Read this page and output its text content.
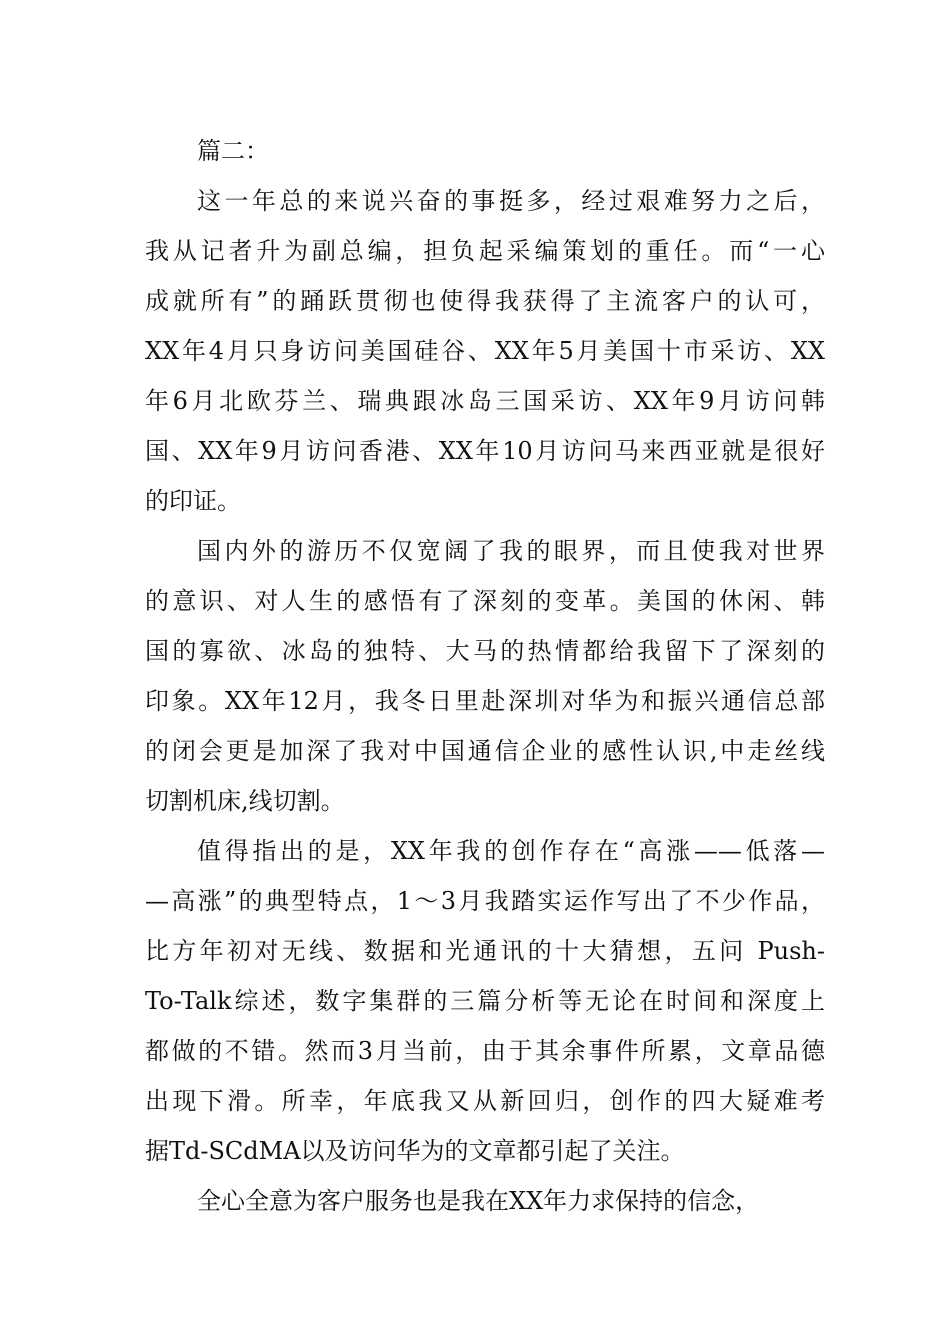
篇二：
这一年总的来说兴奋的事挺多，经过艰难努力之后，
我从记者升为副总编，担负起采编策划的重任。而“一心
成就所有”的踊跃贯彻也使得我获得了主流客户的认可，
XX年4月只身访问美国硅谷、XX年5月美国十市采访、XX
年6月北欧芬兰、瑞典跟冰岛三国采访、XX年9月访问韩
国、XX年9月访问香港、XX年10月访问马来西亚就是很好
的印证。
国内外的游历不仅宽阔了我的眼界，而且使我对世界
的意识、对人生的感悟有了深刻的变革。美国的休闲、韩
国的寡欲、冰岛的独特、大马的热情都给我留下了深刻的
印象。XX年12月，我冬日里赴深圳对华为和振兴通信总部
的闭会更是加深了我对中国通信企业的感性认识,中走丝线
切割机床,线切割。
值得指出的是，XX年我的创作存在“高涨——低落—
—高涨”的典型特点，1～3月我踏实运作写出了不少作品，
比方年初对无线、数据和光通讯的十大猜想，五问 Push-
To-Talk综述，数字集群的三篇分析等无论在时间和深度上
都做的不错。然而3月当前，由于其余事件所累，文章品德
出现下滑。所幸，年底我又从新回归，创作的四大疑难考
据Td-SCdMA以及访问华为的文章都引起了关注。
全心全意为客户服务也是我在XX年力求保持的信念，
